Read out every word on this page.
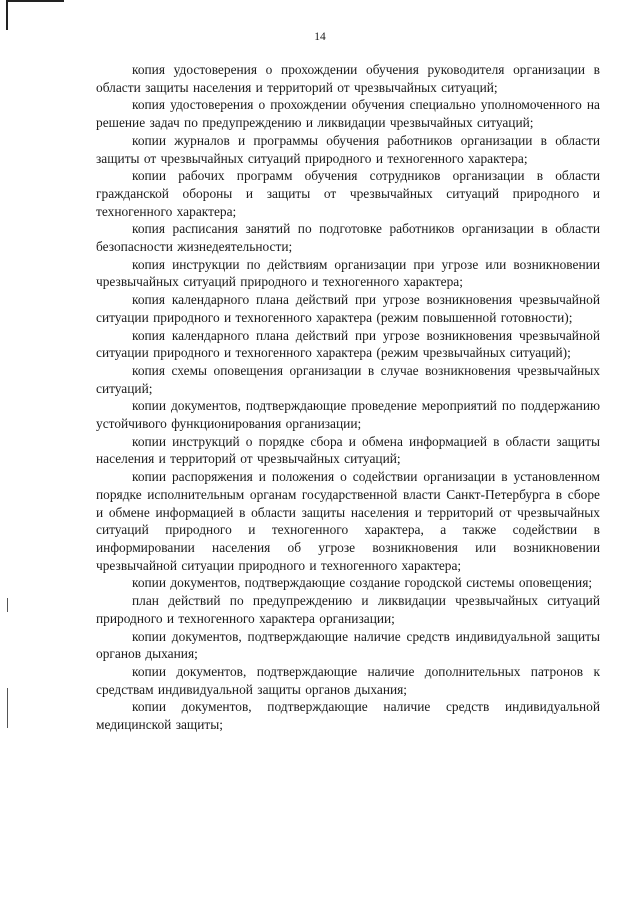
14

копия удостоверения о прохождении обучения руководителя организации в области защиты населения и территорий от чрезвычайных ситуаций;

копия удостоверения о прохождении обучения специально уполномоченного на решение задач по предупреждению и ликвидации чрезвычайных ситуаций;

копии журналов и программы обучения работников организации в области защиты от чрезвычайных ситуаций природного и техногенного характера;

копии рабочих программ обучения сотрудников организации в области гражданской обороны и защиты от чрезвычайных ситуаций природного и техногенного характера;

копия расписания занятий по подготовке работников организации в области безопасности жизнедеятельности;

копия инструкции по действиям организации при угрозе или возникновении чрезвычайных ситуаций природного и техногенного характера;

копия календарного плана действий при угрозе возникновения чрезвычайной ситуации природного и техногенного характера (режим повышенной готовности);

копия календарного плана действий при угрозе возникновения чрезвычайной ситуации природного и техногенного характера (режим чрезвычайных ситуаций);

копия схемы оповещения организации в случае возникновения чрезвычайных ситуаций;

копии документов, подтверждающие проведение мероприятий по поддержанию устойчивого функционирования организации;

копии инструкций о порядке сбора и обмена информацией в области защиты населения и территорий от чрезвычайных ситуаций;

копии распоряжения и положения о содействии организации в установленном порядке исполнительным органам государственной власти Санкт-Петербурга в сборе и обмене информацией в области защиты населения и территорий от чрезвычайных ситуаций природного и техногенного характера, а также содействии в информировании населения об угрозе возникновения или возникновении чрезвычайной ситуации природного и техногенного характера;

копии документов, подтверждающие создание городской системы оповещения;

план действий по предупреждению и ликвидации чрезвычайных ситуаций природного и техногенного характера организации;

копии документов, подтверждающие наличие средств индивидуальной защиты органов дыхания;

копии документов, подтверждающие наличие дополнительных патронов к средствам индивидуальной защиты органов дыхания;

копии документов, подтверждающие наличие средств индивидуальной медицинской защиты;
